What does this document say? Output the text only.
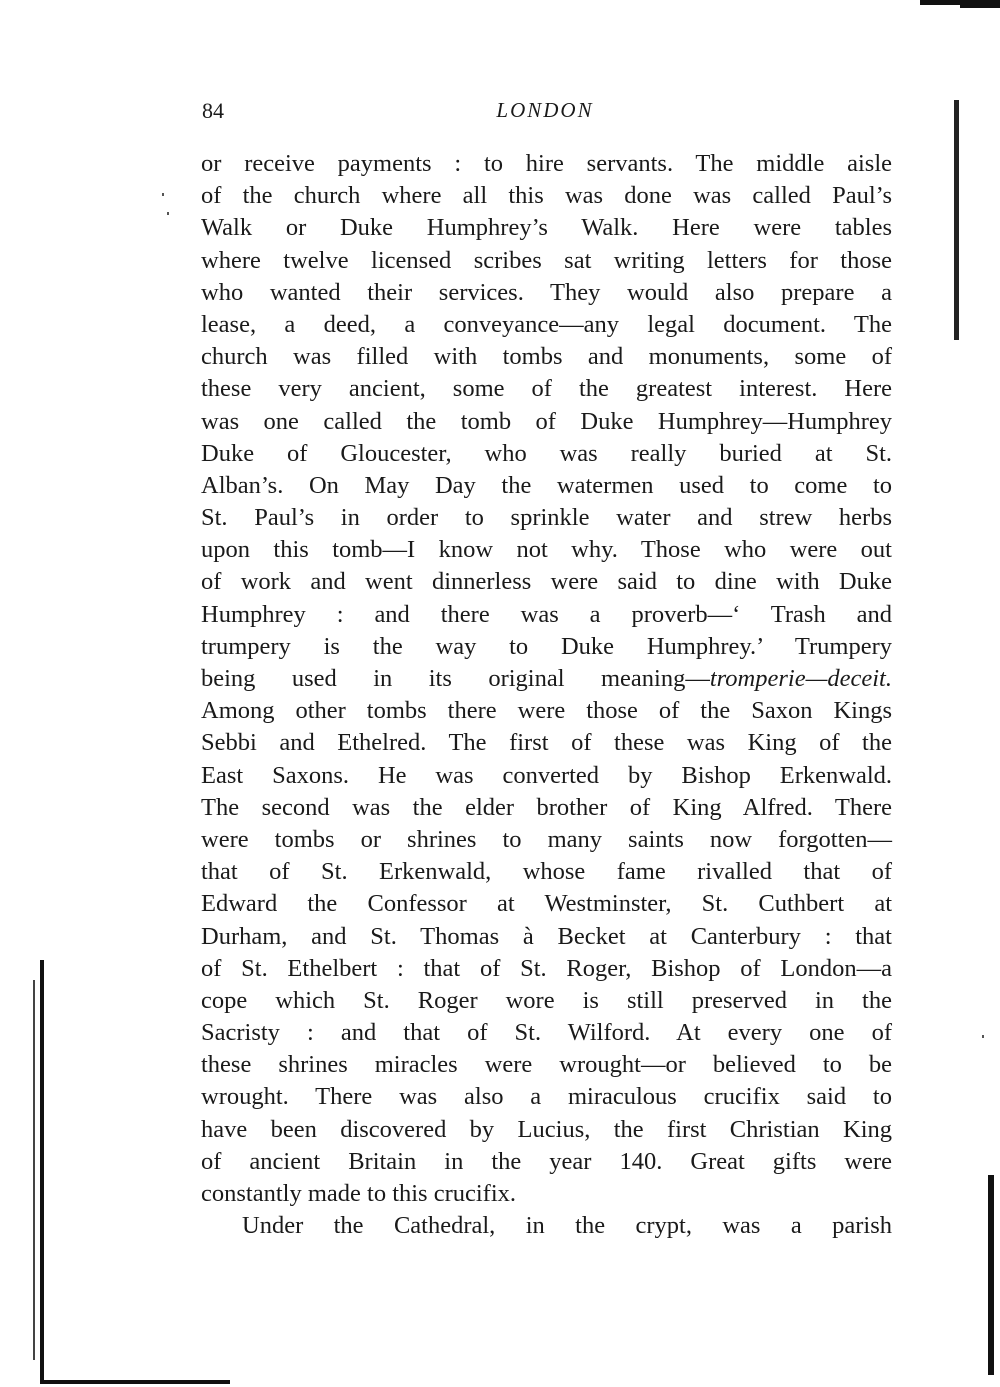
84	LONDON
or receive payments : to hire servants. The middle aisle
of the church where all this was done was called Paul’s
Walk or Duke Humphrey’s Walk. Here were tables
where twelve licensed scribes sat writing letters for those
who wanted their services. They would also prepare a
lease, a deed, a conveyance—any legal document. The
church was filled with tombs and monuments, some of
these very ancient, some of the greatest interest. Here
was one called the tomb of Duke Humphrey—Humphrey
Duke of Gloucester, who was really buried at St.
Alban’s. On May Day the watermen used to come to
St. Paul’s in order to sprinkle water and strew herbs
upon this tomb—I know not why. Those who were out
of work and went dinnerless were said to dine with Duke
Humphrey : and there was a proverb—‘ Trash and
trumpery is the way to Duke Humphrey.’ Trumpery
being used in its original meaning—tromperie—deceit.
Among other tombs there were those of the Saxon Kings
Sebbi and Ethelred. The first of these was King of the
East Saxons. He was converted by Bishop Erkenwald.
The second was the elder brother of King Alfred. There
were tombs or shrines to many saints now forgotten—
that of St. Erkenwald, whose fame rivalled that of
Edward the Confessor at Westminster, St. Cuthbert at
Durham, and St. Thomas à Becket at Canterbury : that
of St. Ethelbert : that of St. Roger, Bishop of London—a
cope which St. Roger wore is still preserved in the
Sacristy : and that of St. Wilford. At every one of
these shrines miracles were wrought—or believed to be
wrought. There was also a miraculous crucifix said to
have been discovered by Lucius, the first Christian King
of ancient Britain in the year 140. Great gifts were
constantly made to this crucifix.
Under the Cathedral, in the crypt, was a parish
